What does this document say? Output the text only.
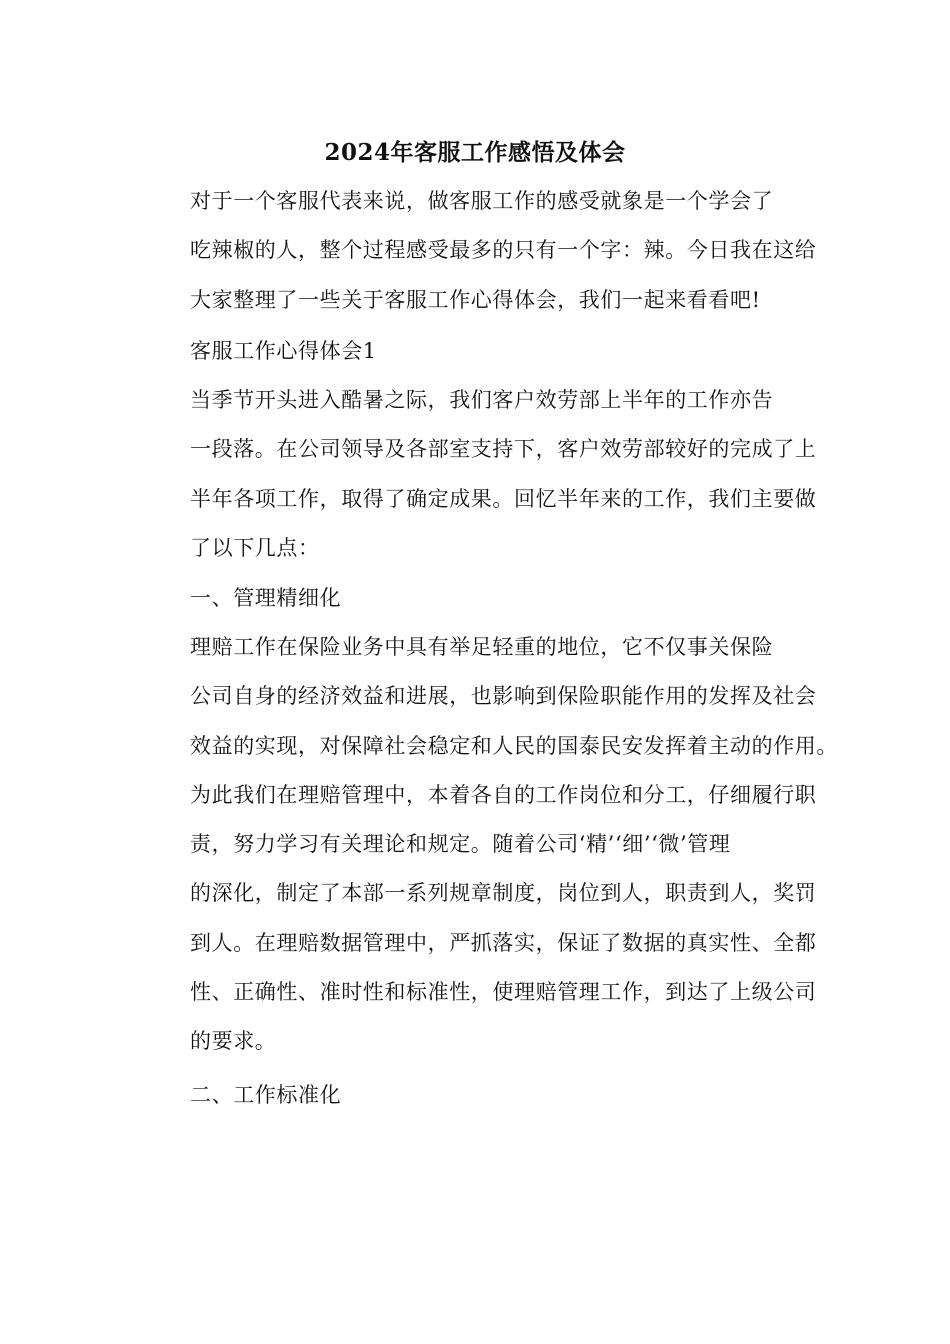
2024年客服工作感悟及体会
对于一个客服代表来说，做客服工作的感受就象是一个学会了
吃辣椒的人，整个过程感受最多的只有一个字：辣。今日我在这给
大家整理了一些关于客服工作心得体会，我们一起来看看吧!
客服工作心得体会1
当季节开头进入酷暑之际，我们客户效劳部上半年的工作亦告
一段落。在公司领导及各部室支持下，客户效劳部较好的完成了上
半年各项工作，取得了确定成果。回忆半年来的工作，我们主要做
了以下几点：
一、管理精细化
理赔工作在保险业务中具有举足轻重的地位，它不仅事关保险
公司自身的经济效益和进展，也影响到保险职能作用的发挥及社会
效益的实现，对保障社会稳定和人民的国泰民安发挥着主动的作用。
为此我们在理赔管理中，本着各自的工作岗位和分工，仔细履行职
责，努力学习有关理论和规定。随着公司‘精’‘细’‘微’管理
的深化，制定了本部一系列规章制度，岗位到人，职责到人，奖罚
到人。在理赔数据管理中，严抓落实，保证了数据的真实性、全都
性、正确性、准时性和标准性，使理赔管理工作，到达了上级公司
的要求。
二、工作标准化
